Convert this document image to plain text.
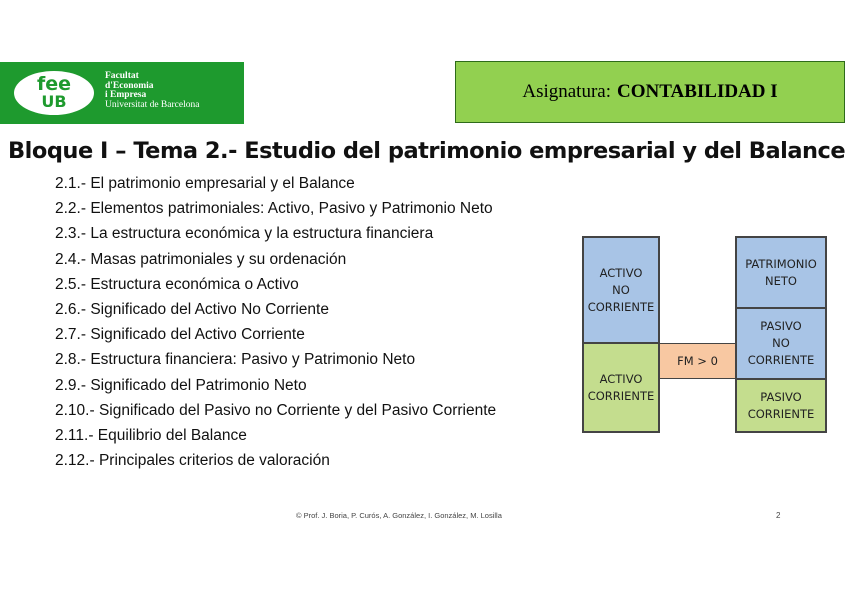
fee
UB
Facultat
d'Economia
i Empresa
Universitat de Barcelona
Asignatura: CONTABILIDAD I
Bloque I – Tema 2.- Estudio del patrimonio empresarial y del Balance
2.1.- El patrimonio empresarial y el Balance
2.2.- Elementos patrimoniales: Activo, Pasivo y Patrimonio Neto
2.3.- La estructura económica y la estructura financiera
2.4.- Masas patrimoniales y su ordenación
2.5.- Estructura económica o Activo
2.6.- Significado del Activo No Corriente
2.7.- Significado del Activo Corriente
2.8.- Estructura financiera: Pasivo y Patrimonio Neto
2.9.- Significado del Patrimonio Neto
2.10.- Significado del Pasivo no Corriente y del Pasivo Corriente
2.11.- Equilibrio del Balance
2.12.- Principales criterios de valoración
ACTIVO
NO
CORRIENTE
ACTIVO
CORRIENTE
FM > 0
PATRIMONIO
NETO
PASIVO
NO
CORRIENTE
PASIVO
CORRIENTE
© Prof. J. Boria, P. Curós, A. González, I. González, M. Losilla	2
